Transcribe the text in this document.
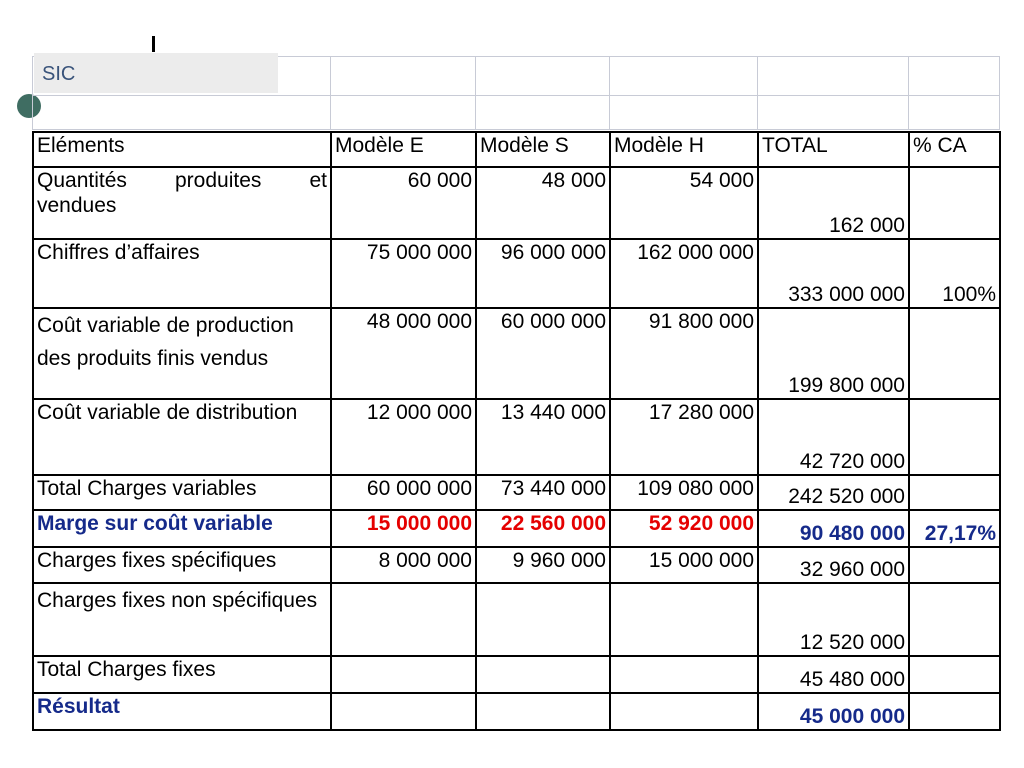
SIC

Eléments	Modèle E	Modèle S	Modèle H	TOTAL	% CA
Quantités produites et vendues	60 000	48 000	54 000	162 000	
Chiffres d’affaires	75 000 000	96 000 000	162 000 000	333 000 000	100%
Coût variable de production des produits finis vendus	48 000 000	60 000 000	91 800 000	199 800 000	
Coût variable de distribution	12 000 000	13 440 000	17 280 000	42 720 000	
Total Charges variables	60 000 000	73 440 000	109 080 000	242 520 000	
Marge sur coût variable	15 000 000	22 560 000	52 920 000	90 480 000	27,17%
Charges fixes spécifiques	8 000 000	9 960 000	15 000 000	32 960 000	
Charges fixes non spécifiques				12 520 000	
Total Charges fixes				45 480 000	
Résultat				45 000 000	
